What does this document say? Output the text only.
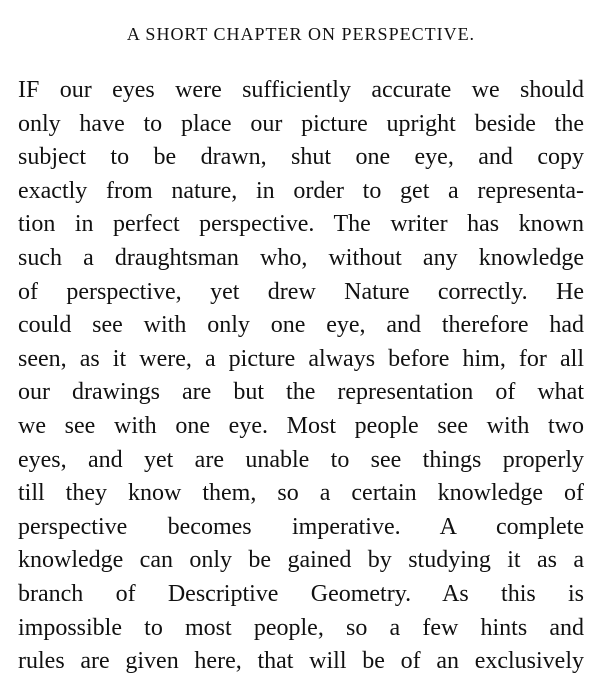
A SHORT CHAPTER ON PERSPECTIVE.
IF our eyes were sufficiently accurate we should
only have to place our picture upright beside the
subject to be drawn, shut one eye, and copy
exactly from nature, in order to get a representa-
tion in perfect perspective. The writer has known
such a draughtsman who, without any knowledge
of perspective, yet drew Nature correctly. He
could see with only one eye, and therefore had
seen, as it were, a picture always before him, for all
our drawings are but the representation of what
we see with one eye. Most people see with two
eyes, and yet are unable to see things properly
till they know them, so a certain knowledge of
perspective becomes imperative. A complete
knowledge can only be gained by studying it as a
branch of Descriptive Geometry. As this is
impossible to most people, so a few hints and
rules are given here, that will be of an exclusively
